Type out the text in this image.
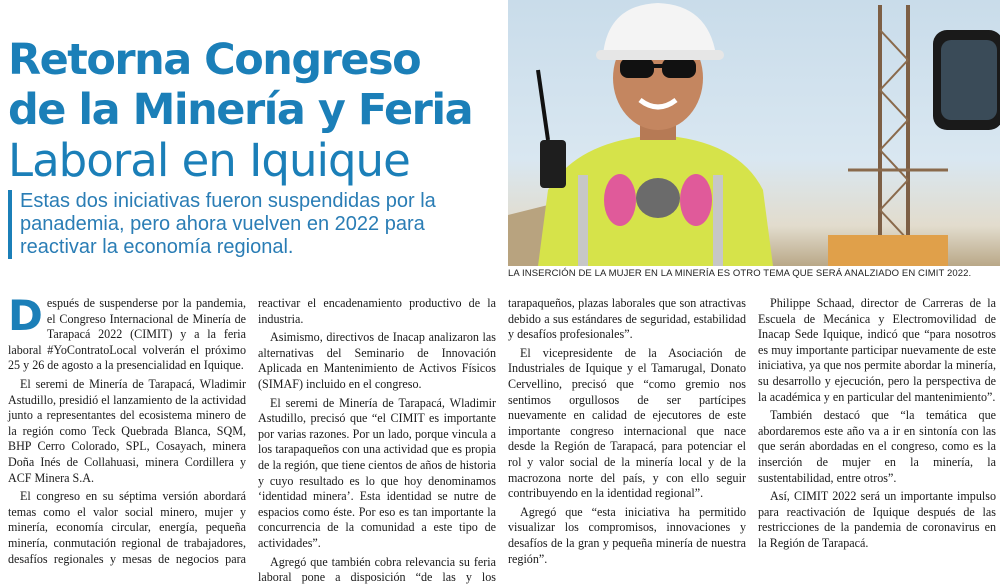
Retorna Congreso
de la Minería y Feria
Laboral en Iquique
Estas dos iniciativas fueron suspendidas por la panademia, pero ahora vuelven en 2022 para reactivar la economía regional.
LA INSERCIÓN DE LA MUJER EN LA MINERÍA ES OTRO TEMA QUE SERÁ ANALZIADO EN CIMIT 2022.

Después de suspenderse por la pandemia, el Congreso Internacional de Minería de Tarapacá 2022 (CIMIT) y a la feria laboral #YoContratoLocal volverán el próximo 25 y 26 de agosto a la presencialidad en Iquique.

El seremi de Minería de Tarapacá, Wladimir Astudillo, presidió el lanzamiento de la actividad junto a representantes del ecosistema minero de la región como Teck Quebrada Blanca, SQM, BHP Cerro Colorado, SPL, Cosayach, minera Doña Inés de Collahuasi, minera Cordillera y ACF Minera S.A.

El congreso en su séptima versión abordará temas como el valor social minero, mujer y minería, economía circular, energía, pequeña minería, conmutación regional de trabajadores, desafíos regionales y mesas de negocios para reactivar el encadenamiento productivo de la industria.

Asimismo, directivos de Inacap analizaron las alternativas del Seminario de Innovación Aplicada en Mantenimiento de Activos Físicos (SIMAF) incluido en el congreso.

El seremi de Minería de Tarapacá, Wladimir Astudillo, precisó que “el CIMIT es importante por varias razones. Por un lado, porque vincula a los tarapaqueños con una actividad que es propia de la región, que tiene cientos de años de historia y cuyo resultado es lo que hoy denominamos ‘identidad minera’. Esta identidad se nutre de espacios como éste. Por eso es tan importante la concurrencia de la comunidad a este tipo de actividades”.

Agregó que también cobra relevancia su feria laboral pone a disposición “de las y los tarapaqueños, plazas laborales que son atractivas debido a sus estándares de seguridad, estabilidad y desafíos profesionales”.

El vicepresidente de la Asociación de Industriales de Iquique y el Tamarugal, Donato Cervellino, precisó que “como gremio nos sentimos orgullosos de ser partícipes nuevamente en calidad de ejecutores de este importante congreso internacional que nace desde la Región de Tarapacá, para potenciar el rol y valor social de la minería local y de la macrozona norte del país, y con ello seguir contribuyendo en la identidad regional”.

Agregó que “esta iniciativa ha permitido visualizar los compromisos, innovaciones y desafíos de la gran y pequeña minería de nuestra región”.

Philippe Schaad, director de Carreras de la Escuela de Mecánica y Electromovilidad de Inacap Sede Iquique, indicó que “para nosotros es muy importante participar nuevamente de este iniciativa, ya que nos permite abordar la minería, su desarrollo y ejecución, pero la perspectiva de la académica y en particular del mantenimiento”.

También destacó que “la temática que abordaremos este año va a ir en sintonía con las que serán abordadas en el congreso, como es la inserción de mujer en la minería, la sustentabilidad, entre otros”.

Así, CIMIT 2022 será un importante impulso para reactivación de Iquique después de las restricciones de la pandemia de coronavirus en la Región de Tarapacá.
